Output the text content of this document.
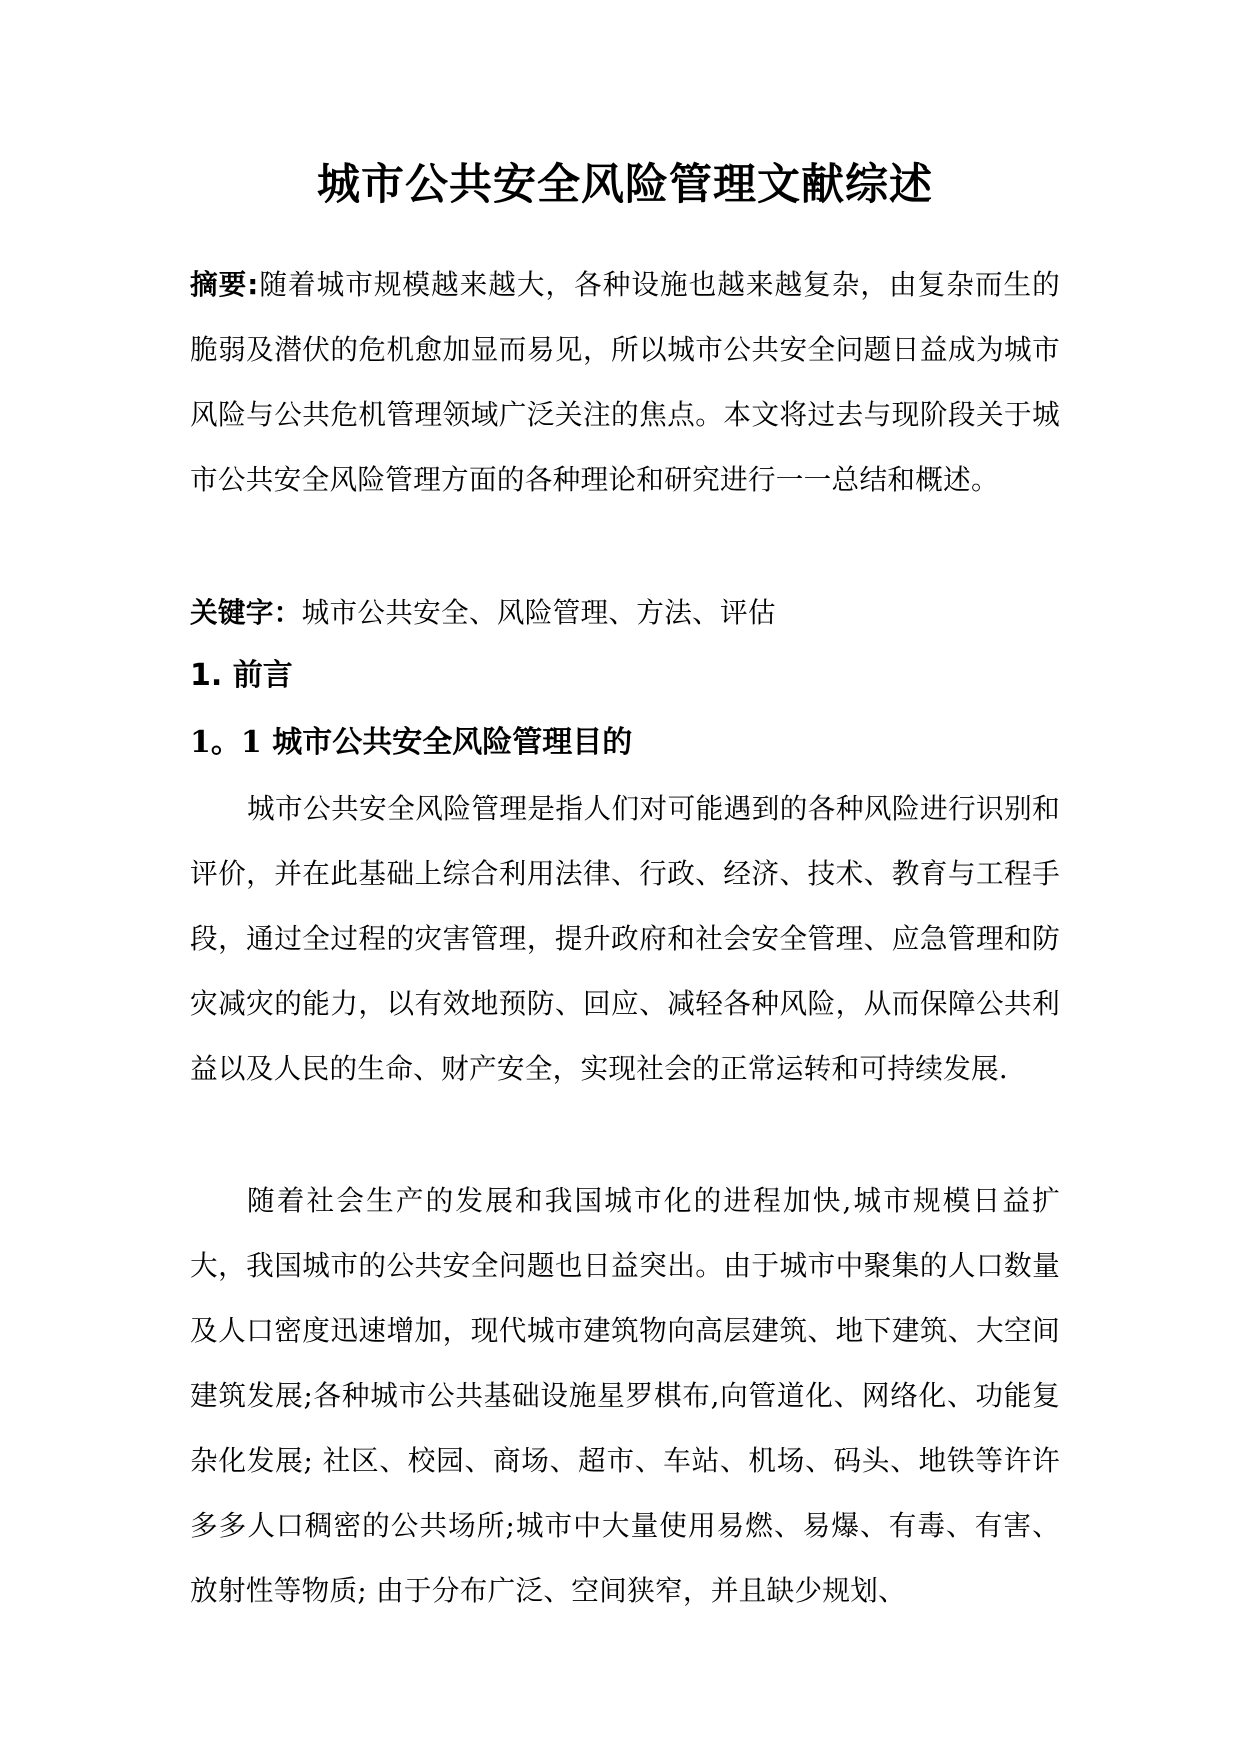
城市公共安全风险管理文献综述

摘要:随着城市规模越来越大，各种设施也越来越复杂，由复杂而生的脆弱及潜伏的危机愈加显而易见，所以城市公共安全问题日益成为城市风险与公共危机管理领域广泛关注的焦点。本文将过去与现阶段关于城市公共安全风险管理方面的各种理论和研究进行一一总结和概述。

关键字：城市公共安全、风险管理、方法、评估

1. 前言
1。1 城市公共安全风险管理目的

城市公共安全风险管理是指人们对可能遇到的各种风险进行识别和评价，并在此基础上综合利用法律、行政、经济、技术、教育与工程手段，通过全过程的灾害管理，提升政府和社会安全管理、应急管理和防灾减灾的能力，以有效地预防、回应、减轻各种风险，从而保障公共利益以及人民的生命、财产安全，实现社会的正常运转和可持续发展.

随着社会生产的发展和我国城市化的进程加快,城市规模日益扩大，我国城市的公共安全问题也日益突出。由于城市中聚集的人口数量及人口密度迅速增加，现代城市建筑物向高层建筑、地下建筑、大空间建筑发展;各种城市公共基础设施星罗棋布,向管道化、网络化、功能复杂化发展; 社区、校园、商场、超市、车站、机场、码头、地铁等许许多多人口稠密的公共场所;城市中大量使用易燃、易爆、有毒、有害、放射性等物质; 由于分布广泛、空间狭窄，并且缺少规划、
